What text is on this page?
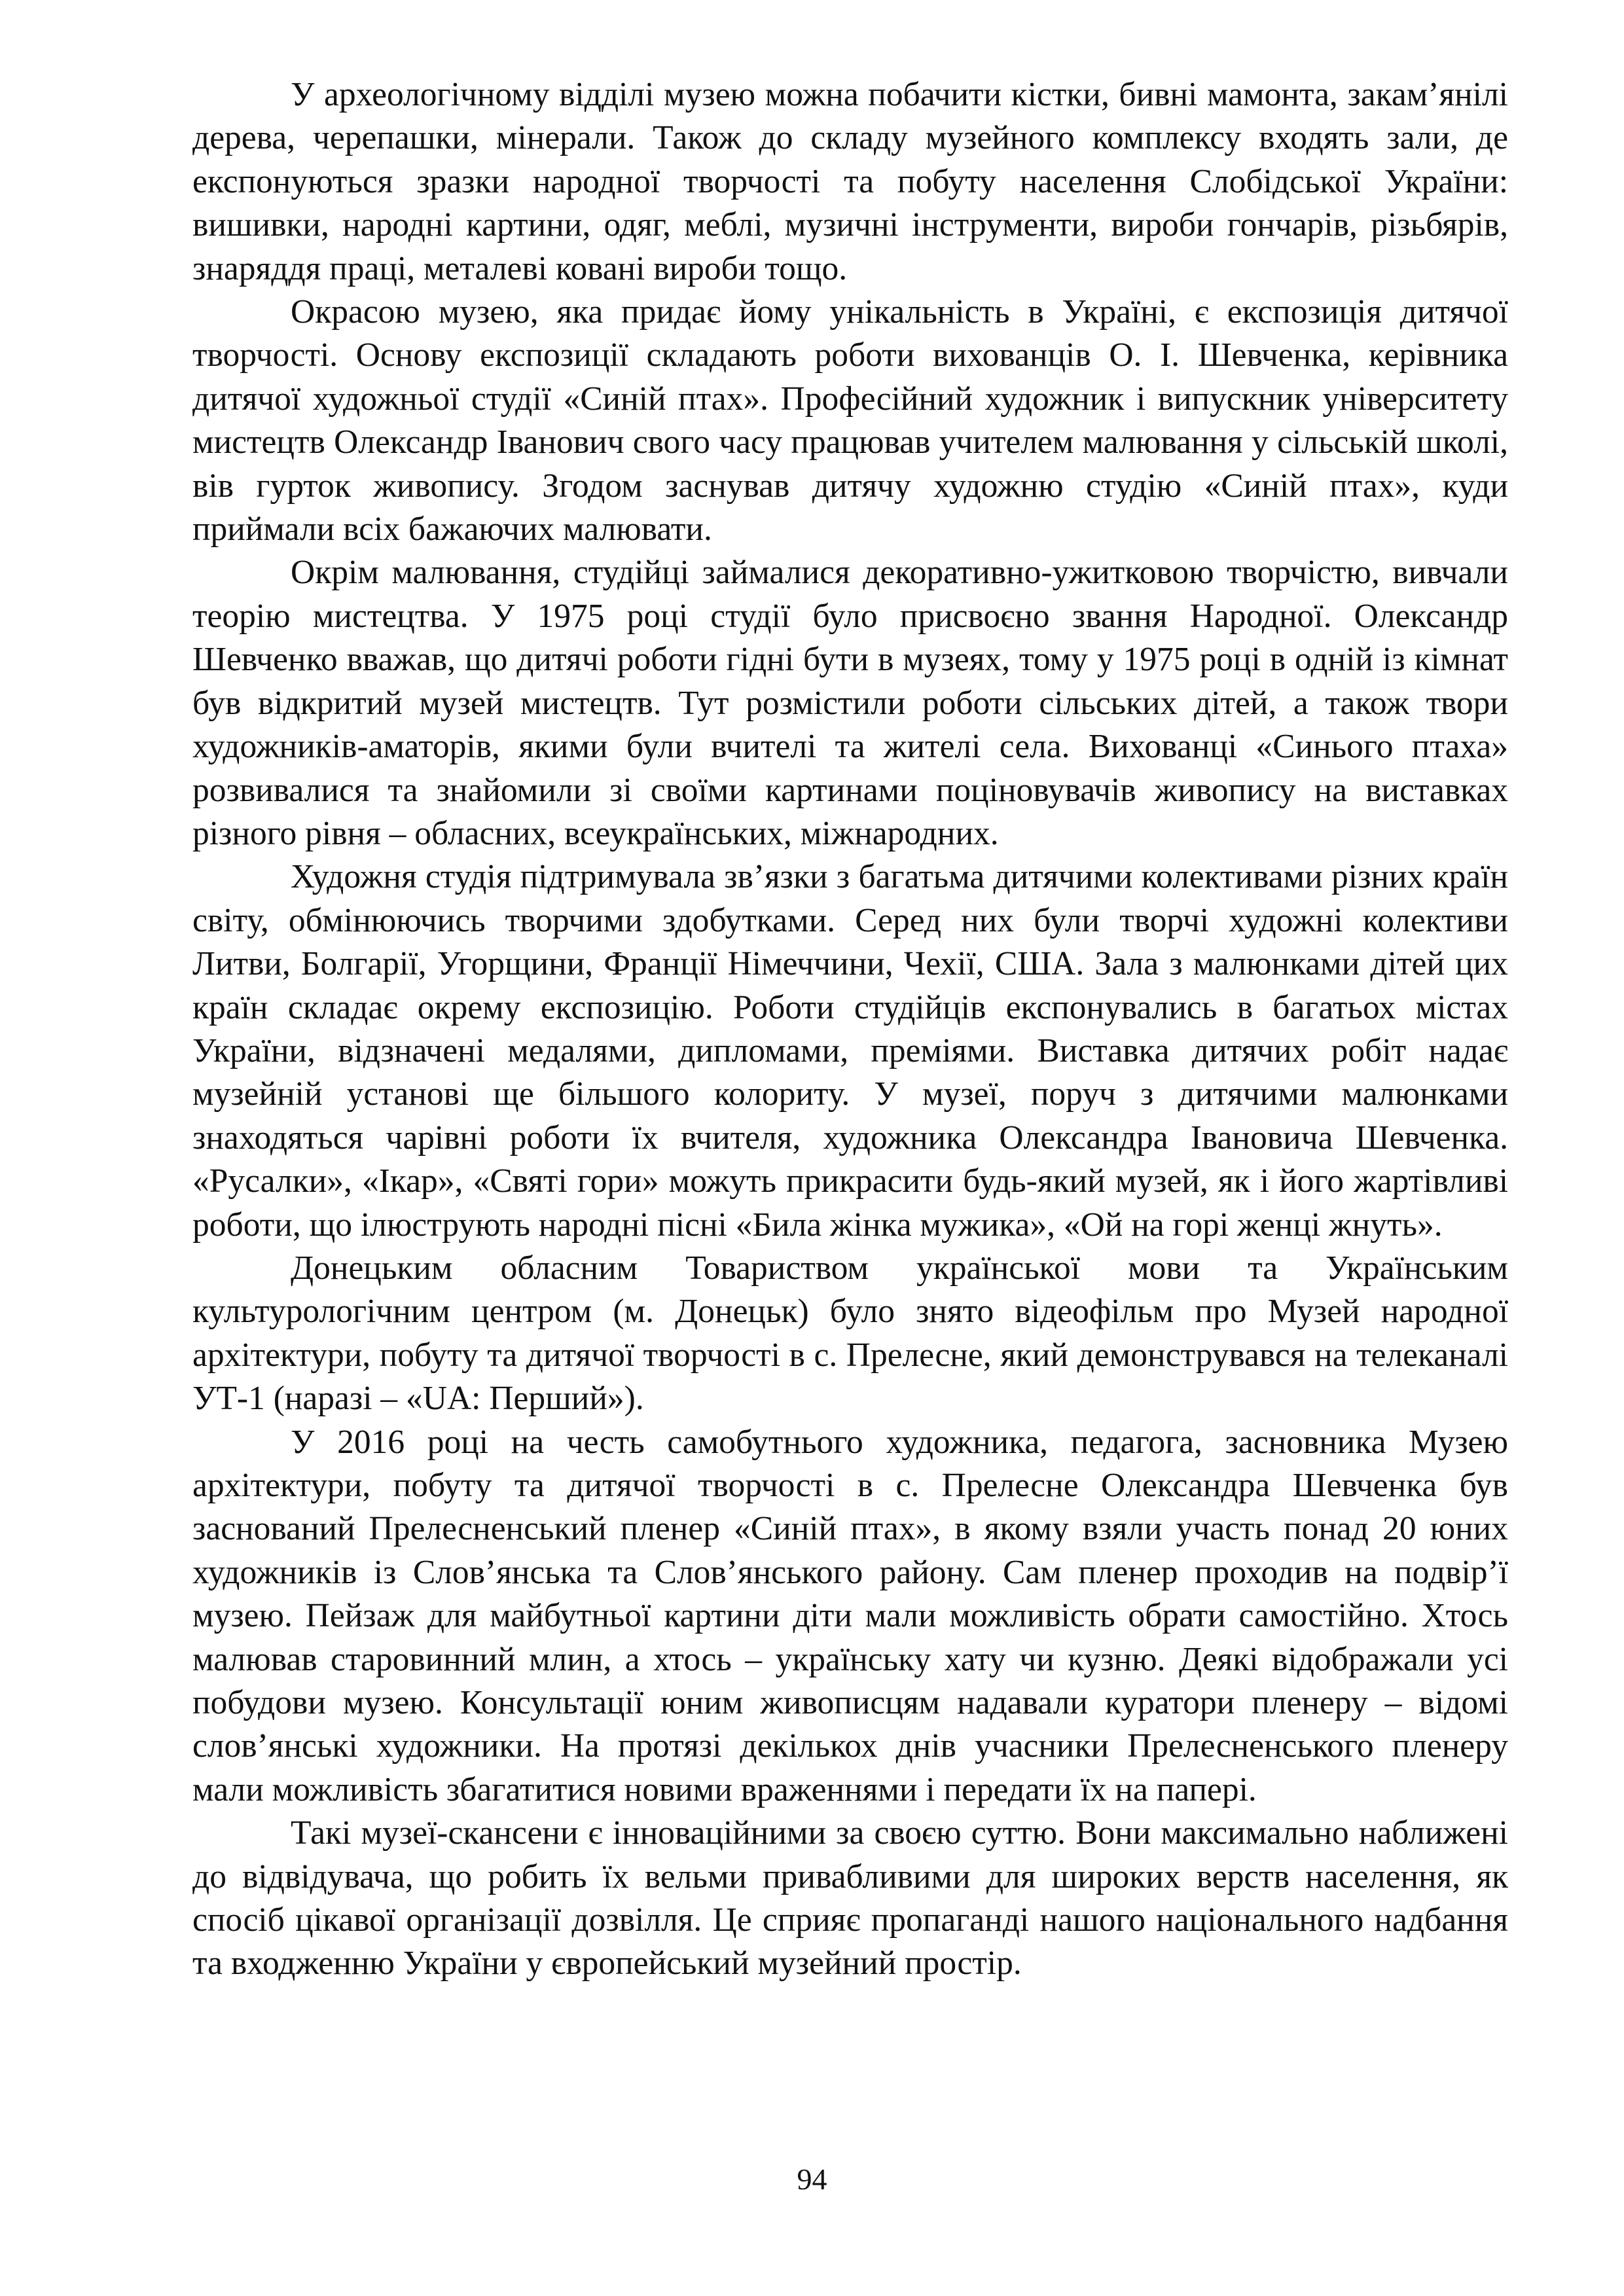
У археологічному відділі музею можна побачити кістки, бивні мамонта, закам’янілі дерева, черепашки, мінерали. Також до складу музейного комплексу входять зали, де експонуються зразки народної творчості та побуту населення Слобідської України: вишивки, народні картини, одяг, меблі, музичні інструменти, вироби гончарів, різьбярів, знаряддя праці, металеві ковані вироби тощо.

Окрасою музею, яка придає йому унікальність в Україні, є експозиція дитячої творчості. Основу експозиції складають роботи вихованців О. І. Шевченка, керівника дитячої художньої студії «Синій птах». Професійний художник і випускник університету мистецтв Олександр Іванович свого часу працював учителем малювання у сільській школі, вів гурток живопису. Згодом заснував дитячу художню студію «Синій птах», куди приймали всіх бажаючих малювати.

Окрім малювання, студійці займалися декоративно-ужитковою творчістю, вивчали теорію мистецтва. У 1975 році студії було присвоєно звання Народної. Олександр Шевченко вважав, що дитячі роботи гідні бути в музеях, тому у 1975 році в одній із кімнат був відкритий музей мистецтв. Тут розмістили роботи сільських дітей, а також твори художників-аматорів, якими були вчителі та жителі села. Вихованці «Синього птаха» розвивалися та знайомили зі своїми картинами поціновувачів живопису на виставках різного рівня – обласних, всеукраїнських, міжнародних.

Художня студія підтримувала зв’язки з багатьма дитячими колективами різних країн світу, обмінюючись творчими здобутками. Серед них були творчі художні колективи Литви, Болгарії, Угорщини, Франції Німеччини, Чехії, США. Зала з малюнками дітей цих країн складає окрему експозицію. Роботи студійців експонувались в багатьох містах України, відзначені медалями, дипломами, преміями. Виставка дитячих робіт надає музейній установі ще більшого колориту. У музеї, поруч з дитячими малюнками знаходяться чарівні роботи їх вчителя, художника Олександра Івановича Шевченка. «Русалки», «Ікар», «Святі гори» можуть прикрасити будь-який музей, як і його жартівливі роботи, що ілюструють народні пісні «Била жінка мужика», «Ой на горі женці жнуть».

Донецьким обласним Товариством української мови та Українським культурологічним центром (м. Донецьк) було знято відеофільм про Музей народної архітектури, побуту та дитячої творчості в с. Прелесне, який демонструвався на телеканалі УТ-1 (наразі – «UA: Перший»).

У 2016 році на честь самобутнього художника, педагога, засновника Музею архітектури, побуту та дитячої творчості в с. Прелесне Олександра Шевченка був заснований Прелесненський пленер «Синій птах», в якому взяли участь понад 20 юних художників із Слов’янська та Слов’янського району. Сам пленер проходив на подвір’ї музею. Пейзаж для майбутньої картини діти мали можливість обрати самостійно. Хтось малював старовинний млин, а хтось – українську хату чи кузню. Деякі відображали усі побудови музею. Консультації юним живописцям надавали куратори пленеру – відомі слов’янські художники. На протязі декількох днів учасники Прелесненського пленеру мали можливість збагатитися новими враженнями і передати їх на папері.

Такі музеї-скансени є інноваційними за своєю суттю. Вони максимально наближені до відвідувача, що робить їх вельми привабливими для широких верств населення, як спосіб цікавої організації дозвілля. Це сприяє пропаганді нашого національного надбання та входженню України у європейський музейний простір.

94
